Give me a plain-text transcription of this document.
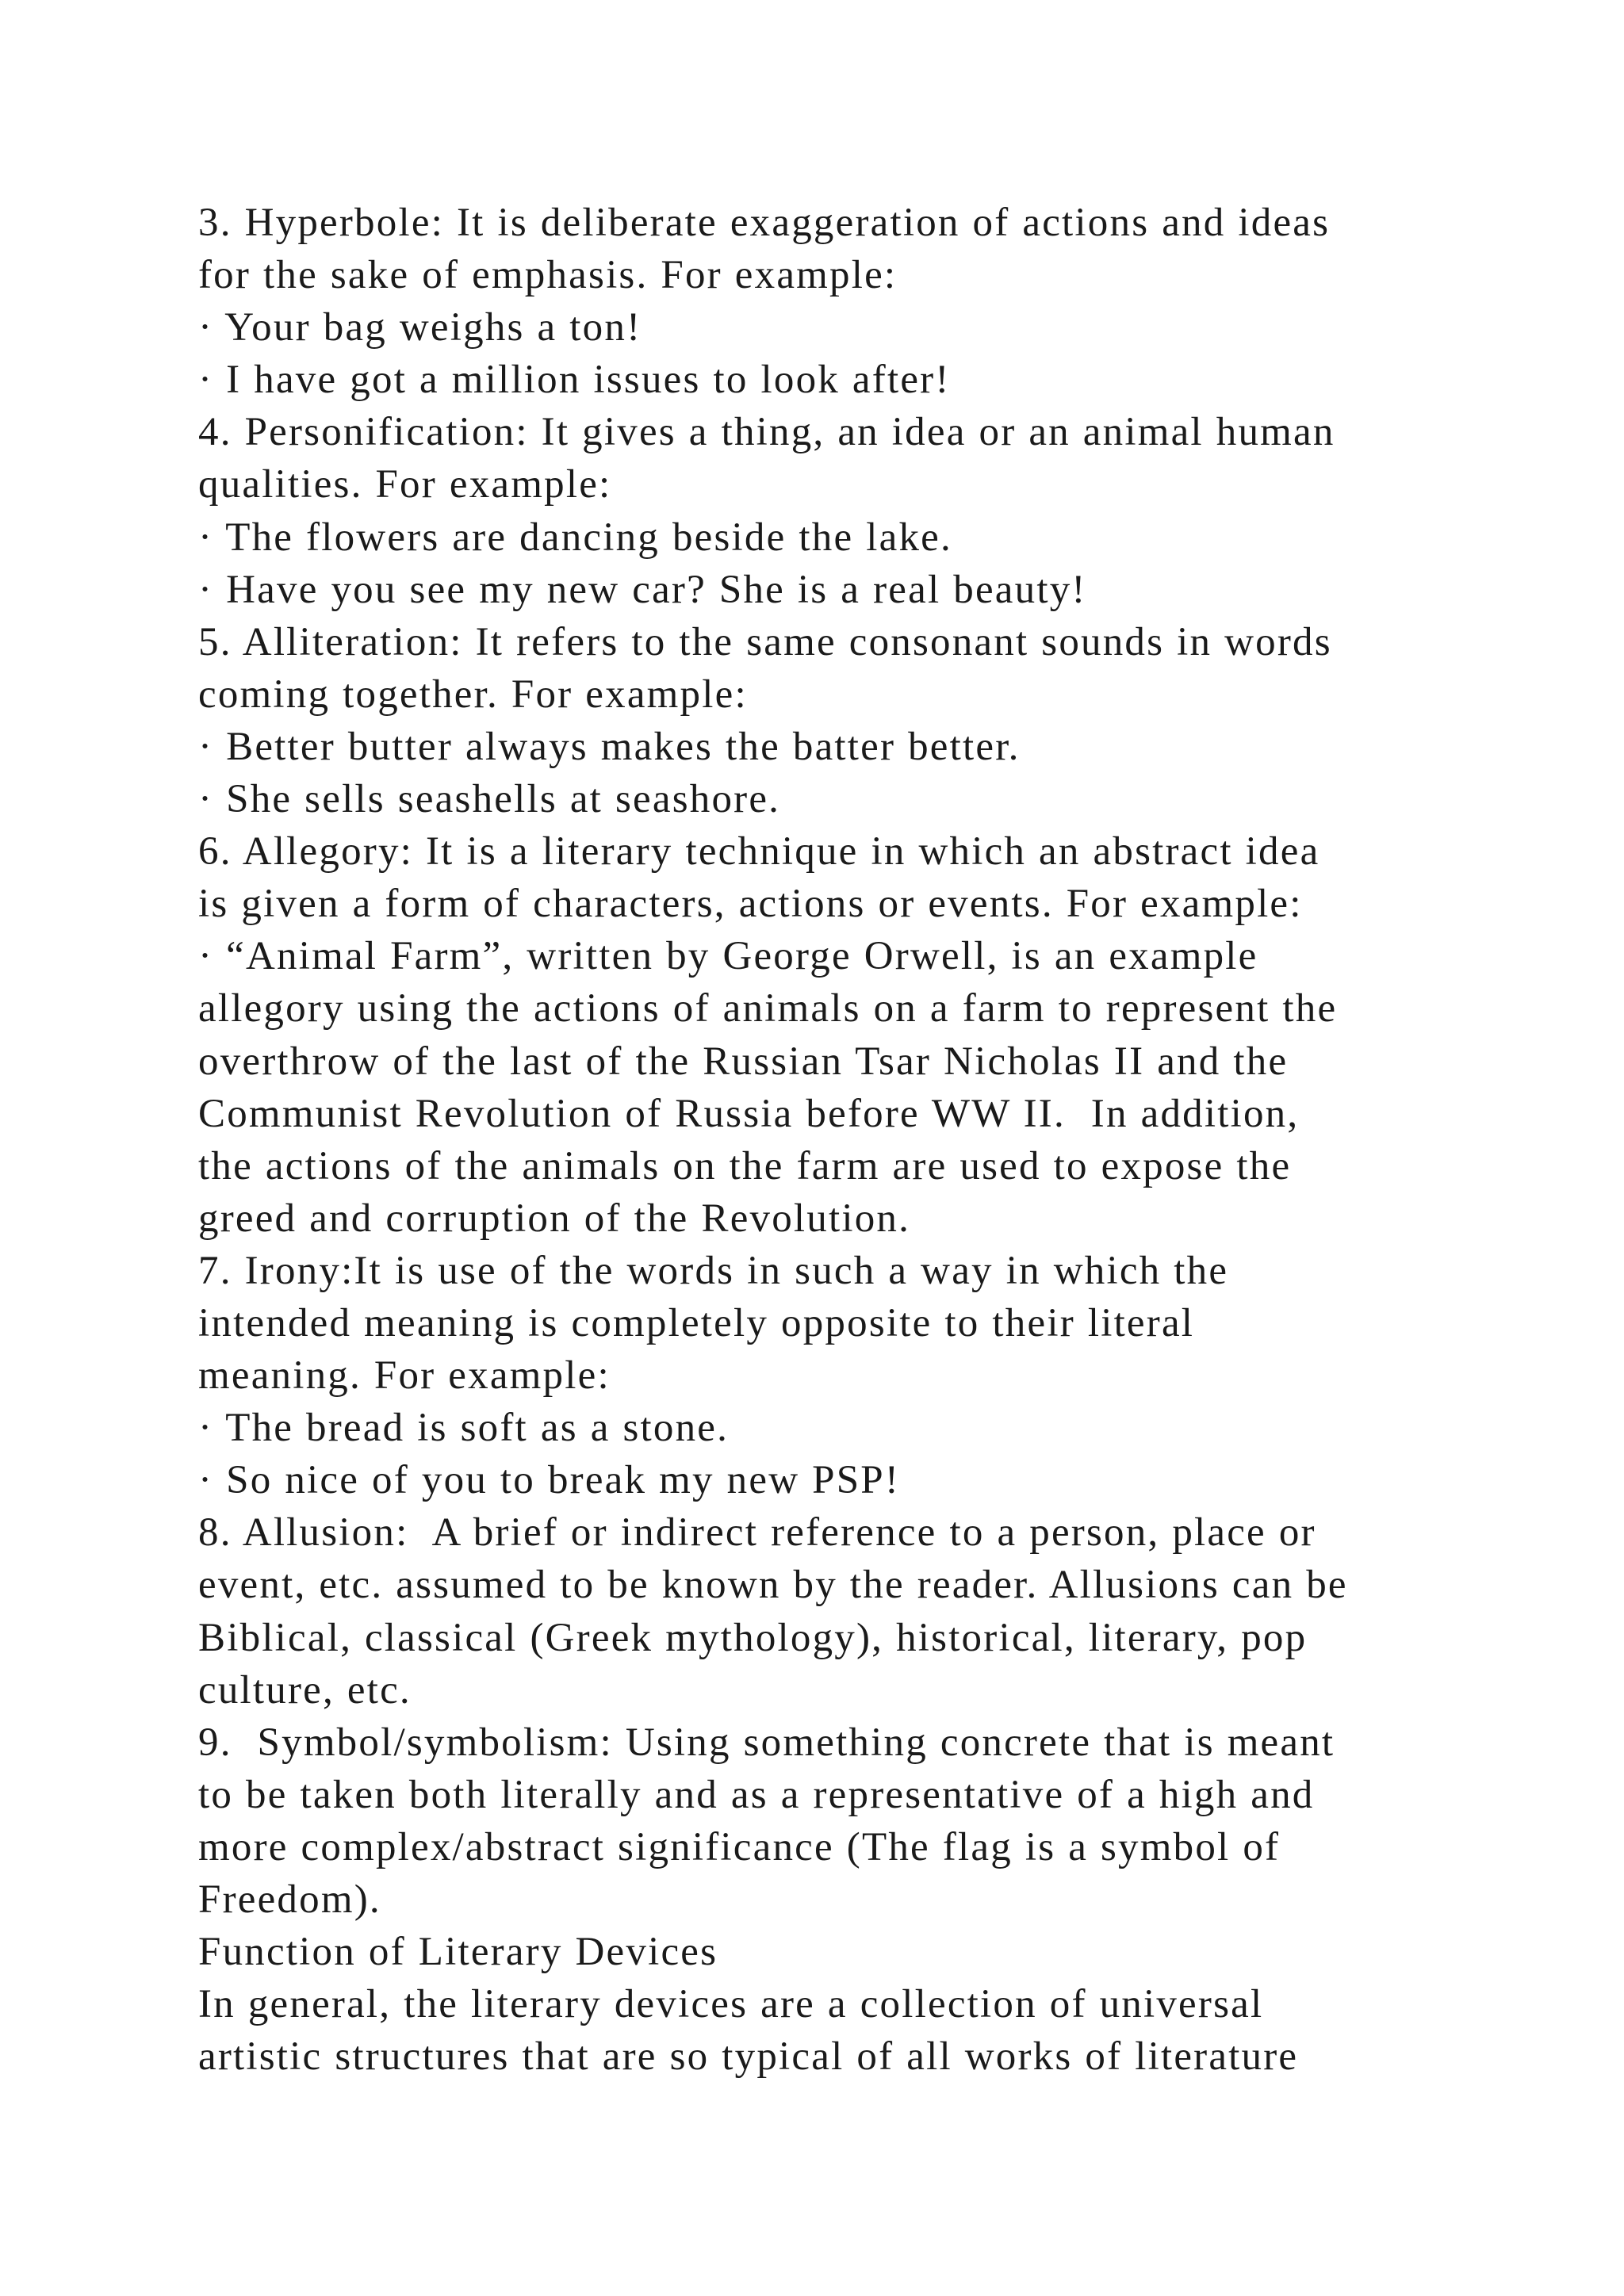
3. Hyperbole: It is deliberate exaggeration of actions and ideas
for the sake of emphasis. For example:
· Your bag weighs a ton!
· I have got a million issues to look after!
4. Personification: It gives a thing, an idea or an animal human
qualities. For example:
· The flowers are dancing beside the lake.
· Have you see my new car? She is a real beauty!
5. Alliteration: It refers to the same consonant sounds in words
coming together. For example:
· Better butter always makes the batter better.
· She sells seashells at seashore.
6. Allegory: It is a literary technique in which an abstract idea
is given a form of characters, actions or events. For example:
· “Animal Farm”, written by George Orwell, is an example
allegory using the actions of animals on a farm to represent the
overthrow of the last of the Russian Tsar Nicholas II and the
Communist Revolution of Russia before WW II.  In addition,
the actions of the animals on the farm are used to expose the
greed and corruption of the Revolution.
7. Irony:It is use of the words in such a way in which the
intended meaning is completely opposite to their literal
meaning. For example:
· The bread is soft as a stone.
· So nice of you to break my new PSP!
8. Allusion:  A brief or indirect reference to a person, place or
event, etc. assumed to be known by the reader. Allusions can be
Biblical, classical (Greek mythology), historical, literary, pop
culture, etc.
9.  Symbol/symbolism: Using something concrete that is meant
to be taken both literally and as a representative of a high and
more complex/abstract significance (The flag is a symbol of
Freedom).
Function of Literary Devices
In general, the literary devices are a collection of universal
artistic structures that are so typical of all works of literature
